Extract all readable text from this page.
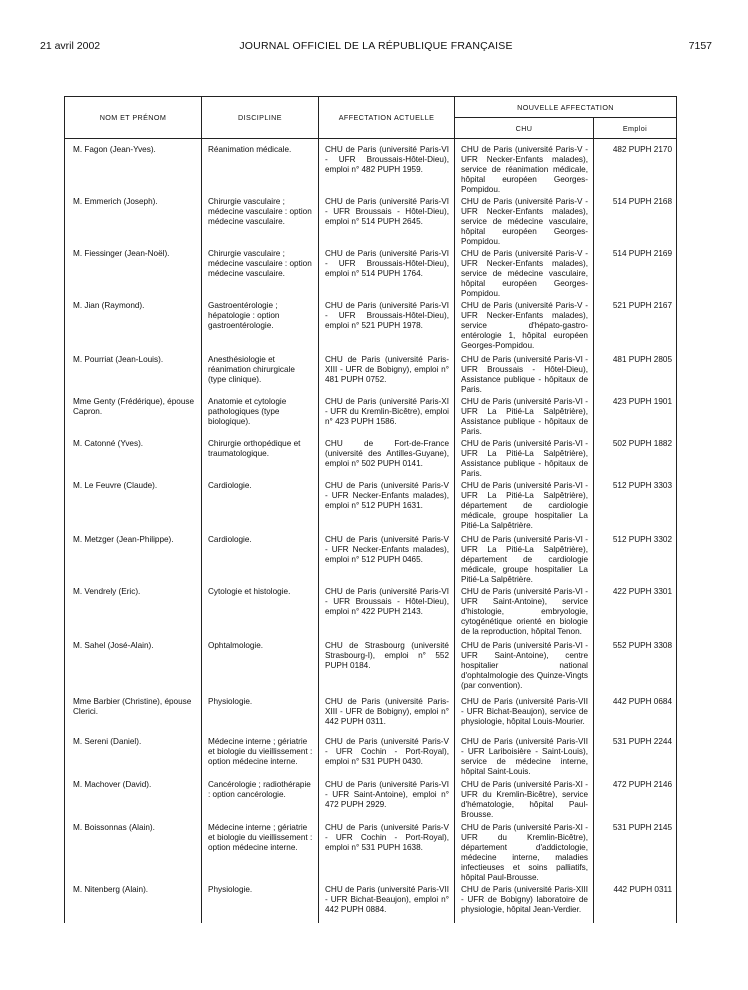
21 avril 2002	JOURNAL OFFICIEL DE LA RÉPUBLIQUE FRANÇAISE	7157
NOM ET PRÉNOM	DISCIPLINE	AFFECTATION ACTUELLE	NOUVELLE AFFECTATION	
			CHU	Emploi
M. Fagon (Jean-Yves).	Réanimation médicale.	CHU de Paris (université Paris-VI - UFR Broussais-Hôtel-Dieu), emploi n° 482 PUPH 1959.	CHU de Paris (université Paris-V - UFR Necker-Enfants malades), service de réanimation médicale, hôpital européen Georges-Pompidou.	482 PUPH 2170
M. Emmerich (Joseph).	Chirurgie vasculaire ; médecine vasculaire : option médecine vasculaire.	CHU de Paris (université Paris-VI - UFR Broussais - Hôtel-Dieu), emploi n° 514 PUPH 2645.	CHU de Paris (université Paris-V - UFR Necker-Enfants malades), service de médecine vasculaire, hôpital européen Georges-Pompidou.	514 PUPH 2168
M. Fiessinger (Jean-Noël).	Chirurgie vasculaire ; médecine vasculaire : option médecine vasculaire.	CHU de Paris (université Paris-VI - UFR Broussais-Hôtel-Dieu), emploi n° 514 PUPH 1764.	CHU de Paris (université Paris-V - UFR Necker-Enfants malades), service de médecine vasculaire, hôpital européen Georges-Pompidou.	514 PUPH 2169
M. Jian (Raymond).	Gastroentérologie ; hépatologie : option gastroentérologie.	CHU de Paris (université Paris-VI - UFR Broussais-Hôtel-Dieu), emploi n° 521 PUPH 1978.	CHU de Paris (université Paris-V - UFR Necker-Enfants malades), service d'hépato-gastro-entérologie 1, hôpital européen Georges-Pompidou.	521 PUPH 2167
M. Pourriat (Jean-Louis).	Anesthésiologie et réanimation chirurgicale (type clinique).	CHU de Paris (université Paris-XIII - UFR de Bobigny), emploi n° 481 PUPH 0752.	CHU de Paris (université Paris-VI - UFR Broussais - Hôtel-Dieu), Assistance publique - hôpitaux de Paris.	481 PUPH 2805
Mme Genty (Frédérique), épouse Capron.	Anatomie et cytologie pathologiques (type biologique).	CHU de Paris (université Paris-XI - UFR du Kremlin-Bicêtre), emploi n° 423 PUPH 1586.	CHU de Paris (université Paris-VI - UFR La Pitié-La Salpêtrière), Assistance publique - hôpitaux de Paris.	423 PUPH 1901
M. Catonné (Yves).	Chirurgie orthopédique et traumatologique.	CHU de Fort-de-France (université des Antilles-Guyane), emploi n° 502 PUPH 0141.	CHU de Paris (université Paris-VI - UFR La Pitié-La Salpêtrière), Assistance publique - hôpitaux de Paris.	502 PUPH 1882
M. Le Feuvre (Claude).	Cardiologie.	CHU de Paris (université Paris-V - UFR Necker-Enfants malades), emploi n° 512 PUPH 1631.	CHU de Paris (université Paris-VI - UFR La Pitié-La Salpêtrière), département de cardiologie médicale, groupe hospitalier La Pitié-La Salpêtrière.	512 PUPH 3303
M. Metzger (Jean-Philippe).	Cardiologie.	CHU de Paris (université Paris-V - UFR Necker-Enfants malades), emploi n° 512 PUPH 0465.	CHU de Paris (université Paris-VI - UFR La Pitié-La Salpêtrière), département de cardiologie médicale, groupe hospitalier La Pitié-La Salpêtrière.	512 PUPH 3302
M. Vendrely (Eric).	Cytologie et histologie.	CHU de Paris (université Paris-VI - UFR Broussais - Hôtel-Dieu), emploi n° 422 PUPH 2143.	CHU de Paris (université Paris-VI - UFR Saint-Antoine), service d'histologie, embryologie, cytogénétique orienté en biologie de la reproduction, hôpital Tenon.	422 PUPH 3301
M. Sahel (José-Alain).	Ophtalmologie.	CHU de Strasbourg (université Strasbourg-I), emploi n° 552 PUPH 0184.	CHU de Paris (université Paris-VI - UFR Saint-Antoine), centre hospitalier national d'ophtalmologie des Quinze-Vingts (par convention).	552 PUPH 3308
Mme Barbier (Christine), épouse Clerici.	Physiologie.	CHU de Paris (université Paris-XIII - UFR de Bobigny), emploi n° 442 PUPH 0311.	CHU de Paris (université Paris-VII - UFR Bichat-Beaujon), service de physiologie, hôpital Louis-Mourier.	442 PUPH 0684
M. Sereni (Daniel).	Médecine interne ; gériatrie et biologie du vieillissement : option médecine interne.	CHU de Paris (université Paris-V - UFR Cochin - Port-Royal), emploi n° 531 PUPH 0430.	CHU de Paris (université Paris-VII - UFR Lariboisière - Saint-Louis), service de médecine interne, hôpital Saint-Louis.	531 PUPH 2244
M. Machover (David).	Cancérologie ; radiothérapie : option cancérologie.	CHU de Paris (université Paris-VI - UFR Saint-Antoine), emploi n° 472 PUPH 2929.	CHU de Paris (université Paris-XI - UFR du Kremlin-Bicêtre), service d'hématologie, hôpital Paul-Brousse.	472 PUPH 2146
M. Boissonnas (Alain).	Médecine interne ; gériatrie et biologie du vieillissement : option médecine interne.	CHU de Paris (université Paris-V - UFR Cochin - Port-Royal), emploi n° 531 PUPH 1638.	CHU de Paris (université Paris-XI - UFR du Kremlin-Bicêtre), département d'addictologie, médecine interne, maladies infectieuses et soins palliatifs, hôpital Paul-Brousse.	531 PUPH 2145
M. Nitenberg (Alain).	Physiologie.	CHU de Paris (université Paris-VII - UFR Bichat-Beaujon), emploi n° 442 PUPH 0884.	CHU de Paris (université Paris-XIII - UFR de Bobigny) laboratoire de physiologie, hôpital Jean-Verdier.	442 PUPH 0311
